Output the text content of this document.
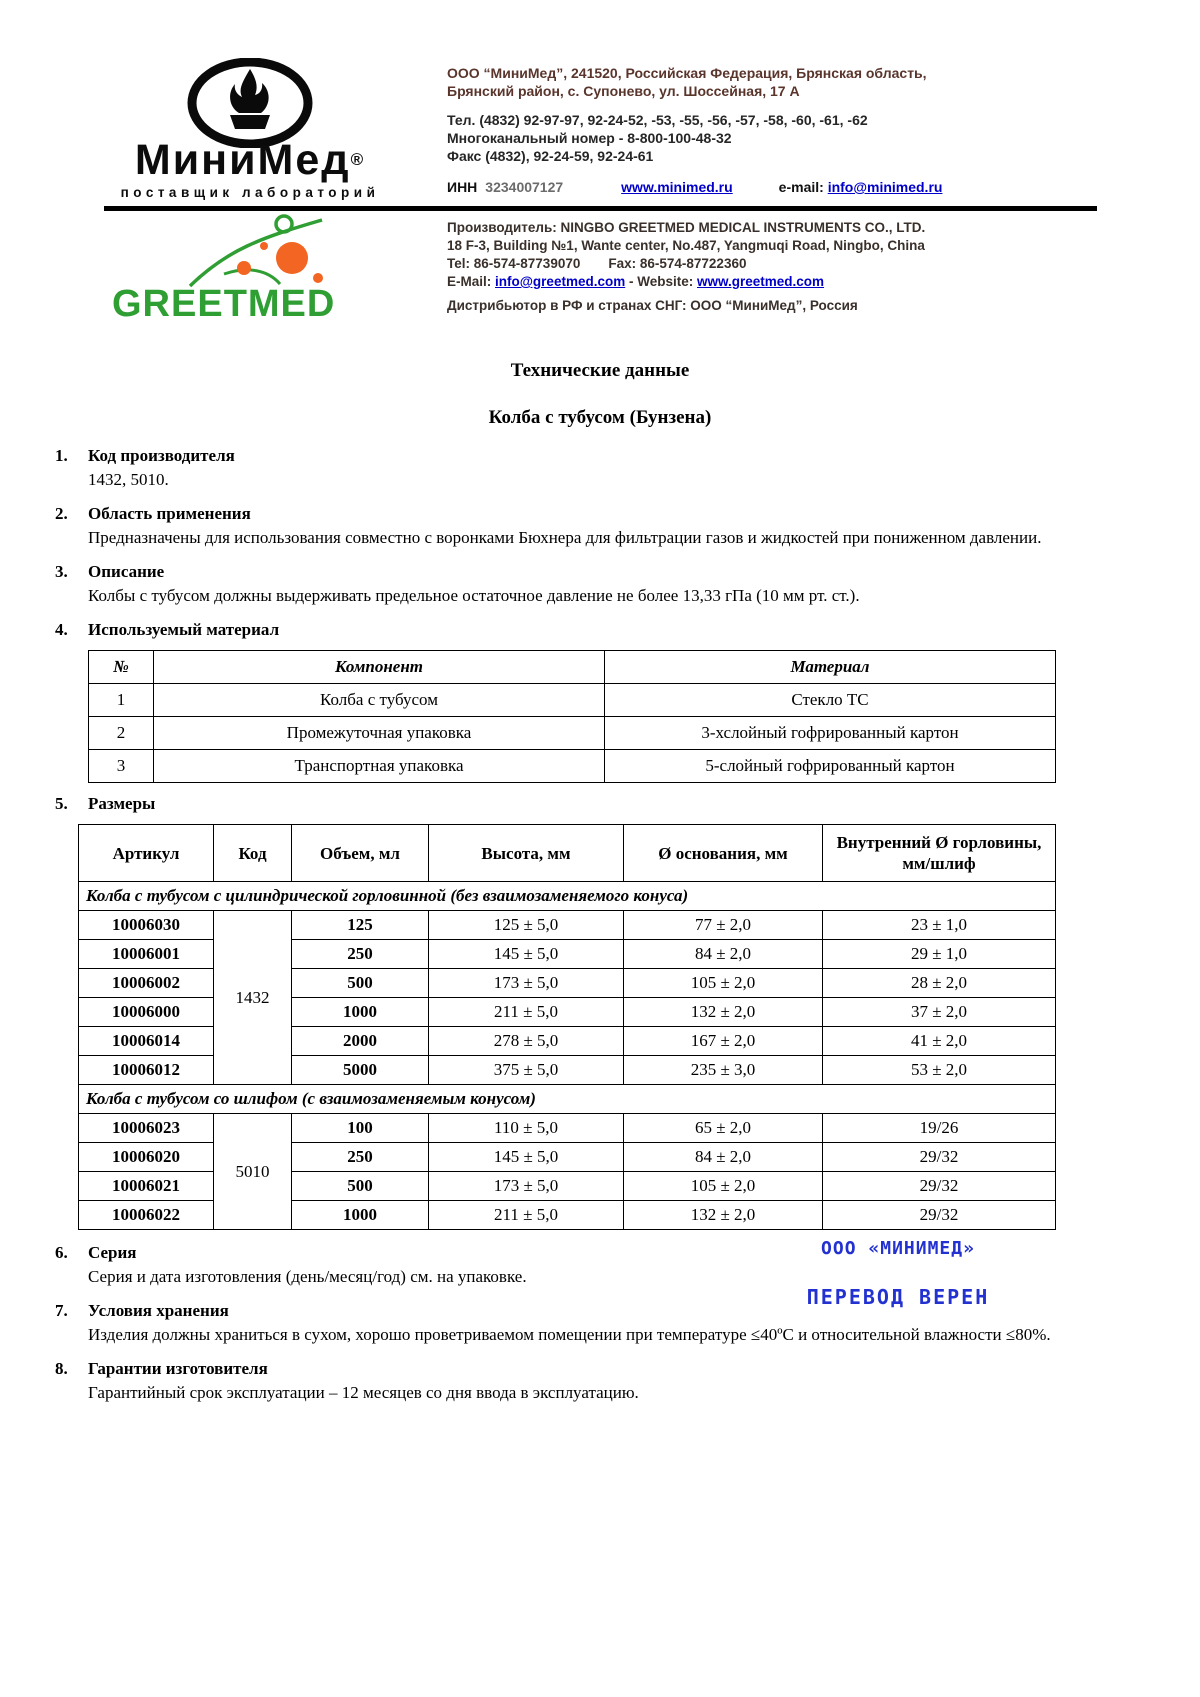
МиниМед®
поставщик лабораторий
ООО “МиниМед”, 241520, Российская Федерация, Брянская область,
Брянский район, с. Супонево, ул. Шоссейная, 17 А
Тел. (4832) 92-97-97, 92-24-52, -53, -55, -56, -57, -58, -60, -61, -62
Многоканальный номер - 8-800-100-48-32
Факс (4832), 92-24-59, 92-24-61
ИНН 3234007127	www.minimed.ru	e-mail: info@minimed.ru
GREETMED
Производитель: NINGBO GREETMED MEDICAL INSTRUMENTS CO., LTD.
18 F-3, Building №1, Wante center, No.487, Yangmuqi Road, Ningbo, China
Tel: 86-574-87739070 Fax: 86-574-87722360
E-Mail: info@greetmed.com - Website: www.greetmed.com
Дистрибьютор в РФ и странах СНГ: ООО “МиниМед”, Россия
Технические данные
Колба с тубусом (Бунзена)
1. Код производителя
1432, 5010.
2. Область применения
Предназначены для использования совместно с воронками Бюхнера для фильтрации газов и жидкостей при пониженном давлении.
3. Описание
Колбы с тубусом должны выдерживать предельное остаточное давление не более 13,33 гПа (10 мм рт. ст.).
4. Используемый материал
№	Компонент	Материал
1	Колба с тубусом	Стекло ТС
2	Промежуточная упаковка	3-хслойный гофрированный картон
3	Транспортная упаковка	5-слойный гофрированный картон
5. Размеры
Артикул	Код	Объем, мл	Высота, мм	Ø основания, мм	Внутренний Ø горловины, мм/шлиф
Колба с тубусом с цилиндрической горловинной (без взаимозаменяемого конуса)					
10006030	1432	125	125 ± 5,0	77 ± 2,0	23 ± 1,0
10006001		250	145 ± 5,0	84 ± 2,0	29 ± 1,0
10006002		500	173 ± 5,0	105 ± 2,0	28 ± 2,0
10006000		1000	211 ± 5,0	132 ± 2,0	37 ± 2,0
10006014		2000	278 ± 5,0	167 ± 2,0	41 ± 2,0
10006012		5000	375 ± 5,0	235 ± 3,0	53 ± 2,0
Колба с тубусом со шлифом (с взаимозаменяемым конусом)					
10006023	5010	100	110 ± 5,0	65 ± 2,0	19/26
10006020		250	145 ± 5,0	84 ± 2,0	29/32
10006021		500	173 ± 5,0	105 ± 2,0	29/32
10006022		1000	211 ± 5,0	132 ± 2,0	29/32
6. Серия
Серия и дата изготовления (день/месяц/год) см. на упаковке.
7. Условия хранения
Изделия должны храниться в сухом, хорошо проветриваемом помещении при температуре ≤40ºС и относительной влажности ≤80%.
8. Гарантии изготовителя
Гарантийный срок эксплуатации – 12 месяцев со дня ввода в эксплуатацию.
ООО «МИНИМЕД»
ПЕРЕВОД ВЕРЕН
